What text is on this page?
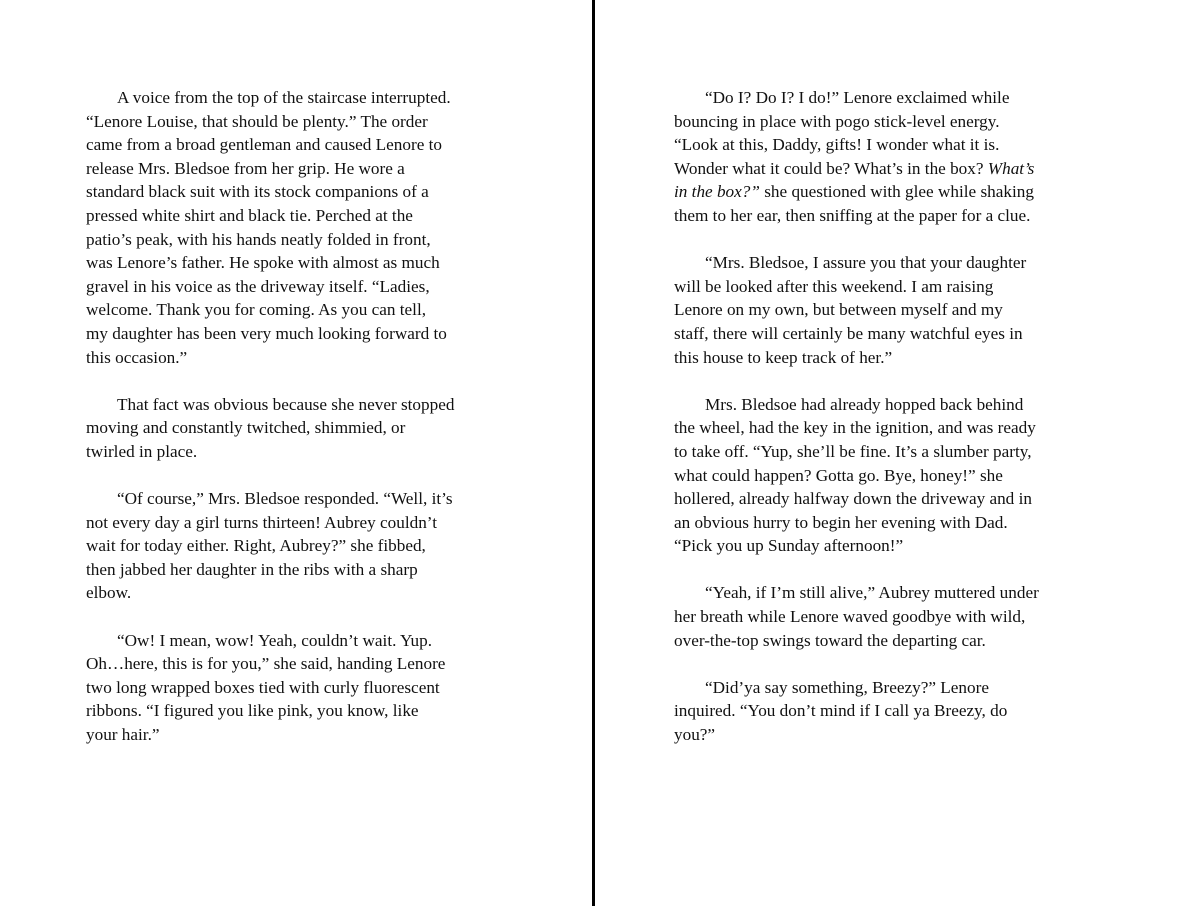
A voice from the top of the staircase interrupted.
“Lenore Louise, that should be plenty.” The order
came from a broad gentleman and caused Lenore to
release Mrs. Bledsoe from her grip. He wore a
standard black suit with its stock companions of a
pressed white shirt and black tie. Perched at the
patio’s peak, with his hands neatly folded in front,
was Lenore’s father. He spoke with almost as much
gravel in his voice as the driveway itself. “Ladies,
welcome. Thank you for coming. As you can tell,
my daughter has been very much looking forward to
this occasion.”
That fact was obvious because she never stopped
moving and constantly twitched, shimmied, or
twirled in place.
“Of course,” Mrs. Bledsoe responded. “Well, it’s
not every day a girl turns thirteen! Aubrey couldn’t
wait for today either. Right, Aubrey?” she fibbed,
then jabbed her daughter in the ribs with a sharp
elbow.
“Ow! I mean, wow! Yeah, couldn’t wait. Yup.
Oh…here, this is for you,” she said, handing Lenore
two long wrapped boxes tied with curly fluorescent
ribbons. “I figured you like pink, you know, like
your hair.”
“Do I? Do I? I do!” Lenore exclaimed while
bouncing in place with pogo stick-level energy.
“Look at this, Daddy, gifts! I wonder what it is.
Wonder what it could be? What’s in the box? What’s
in the box?” she questioned with glee while shaking
them to her ear, then sniffing at the paper for a clue.
“Mrs. Bledsoe, I assure you that your daughter
will be looked after this weekend. I am raising
Lenore on my own, but between myself and my
staff, there will certainly be many watchful eyes in
this house to keep track of her.”
Mrs. Bledsoe had already hopped back behind
the wheel, had the key in the ignition, and was ready
to take off. “Yup, she’ll be fine. It’s a slumber party,
what could happen? Gotta go. Bye, honey!” she
hollered, already halfway down the driveway and in
an obvious hurry to begin her evening with Dad.
“Pick you up Sunday afternoon!”
“Yeah, if I’m still alive,” Aubrey muttered under
her breath while Lenore waved goodbye with wild,
over-the-top swings toward the departing car.
“Did’ya say something, Breezy?” Lenore
inquired. “You don’t mind if I call ya Breezy, do
you?”
